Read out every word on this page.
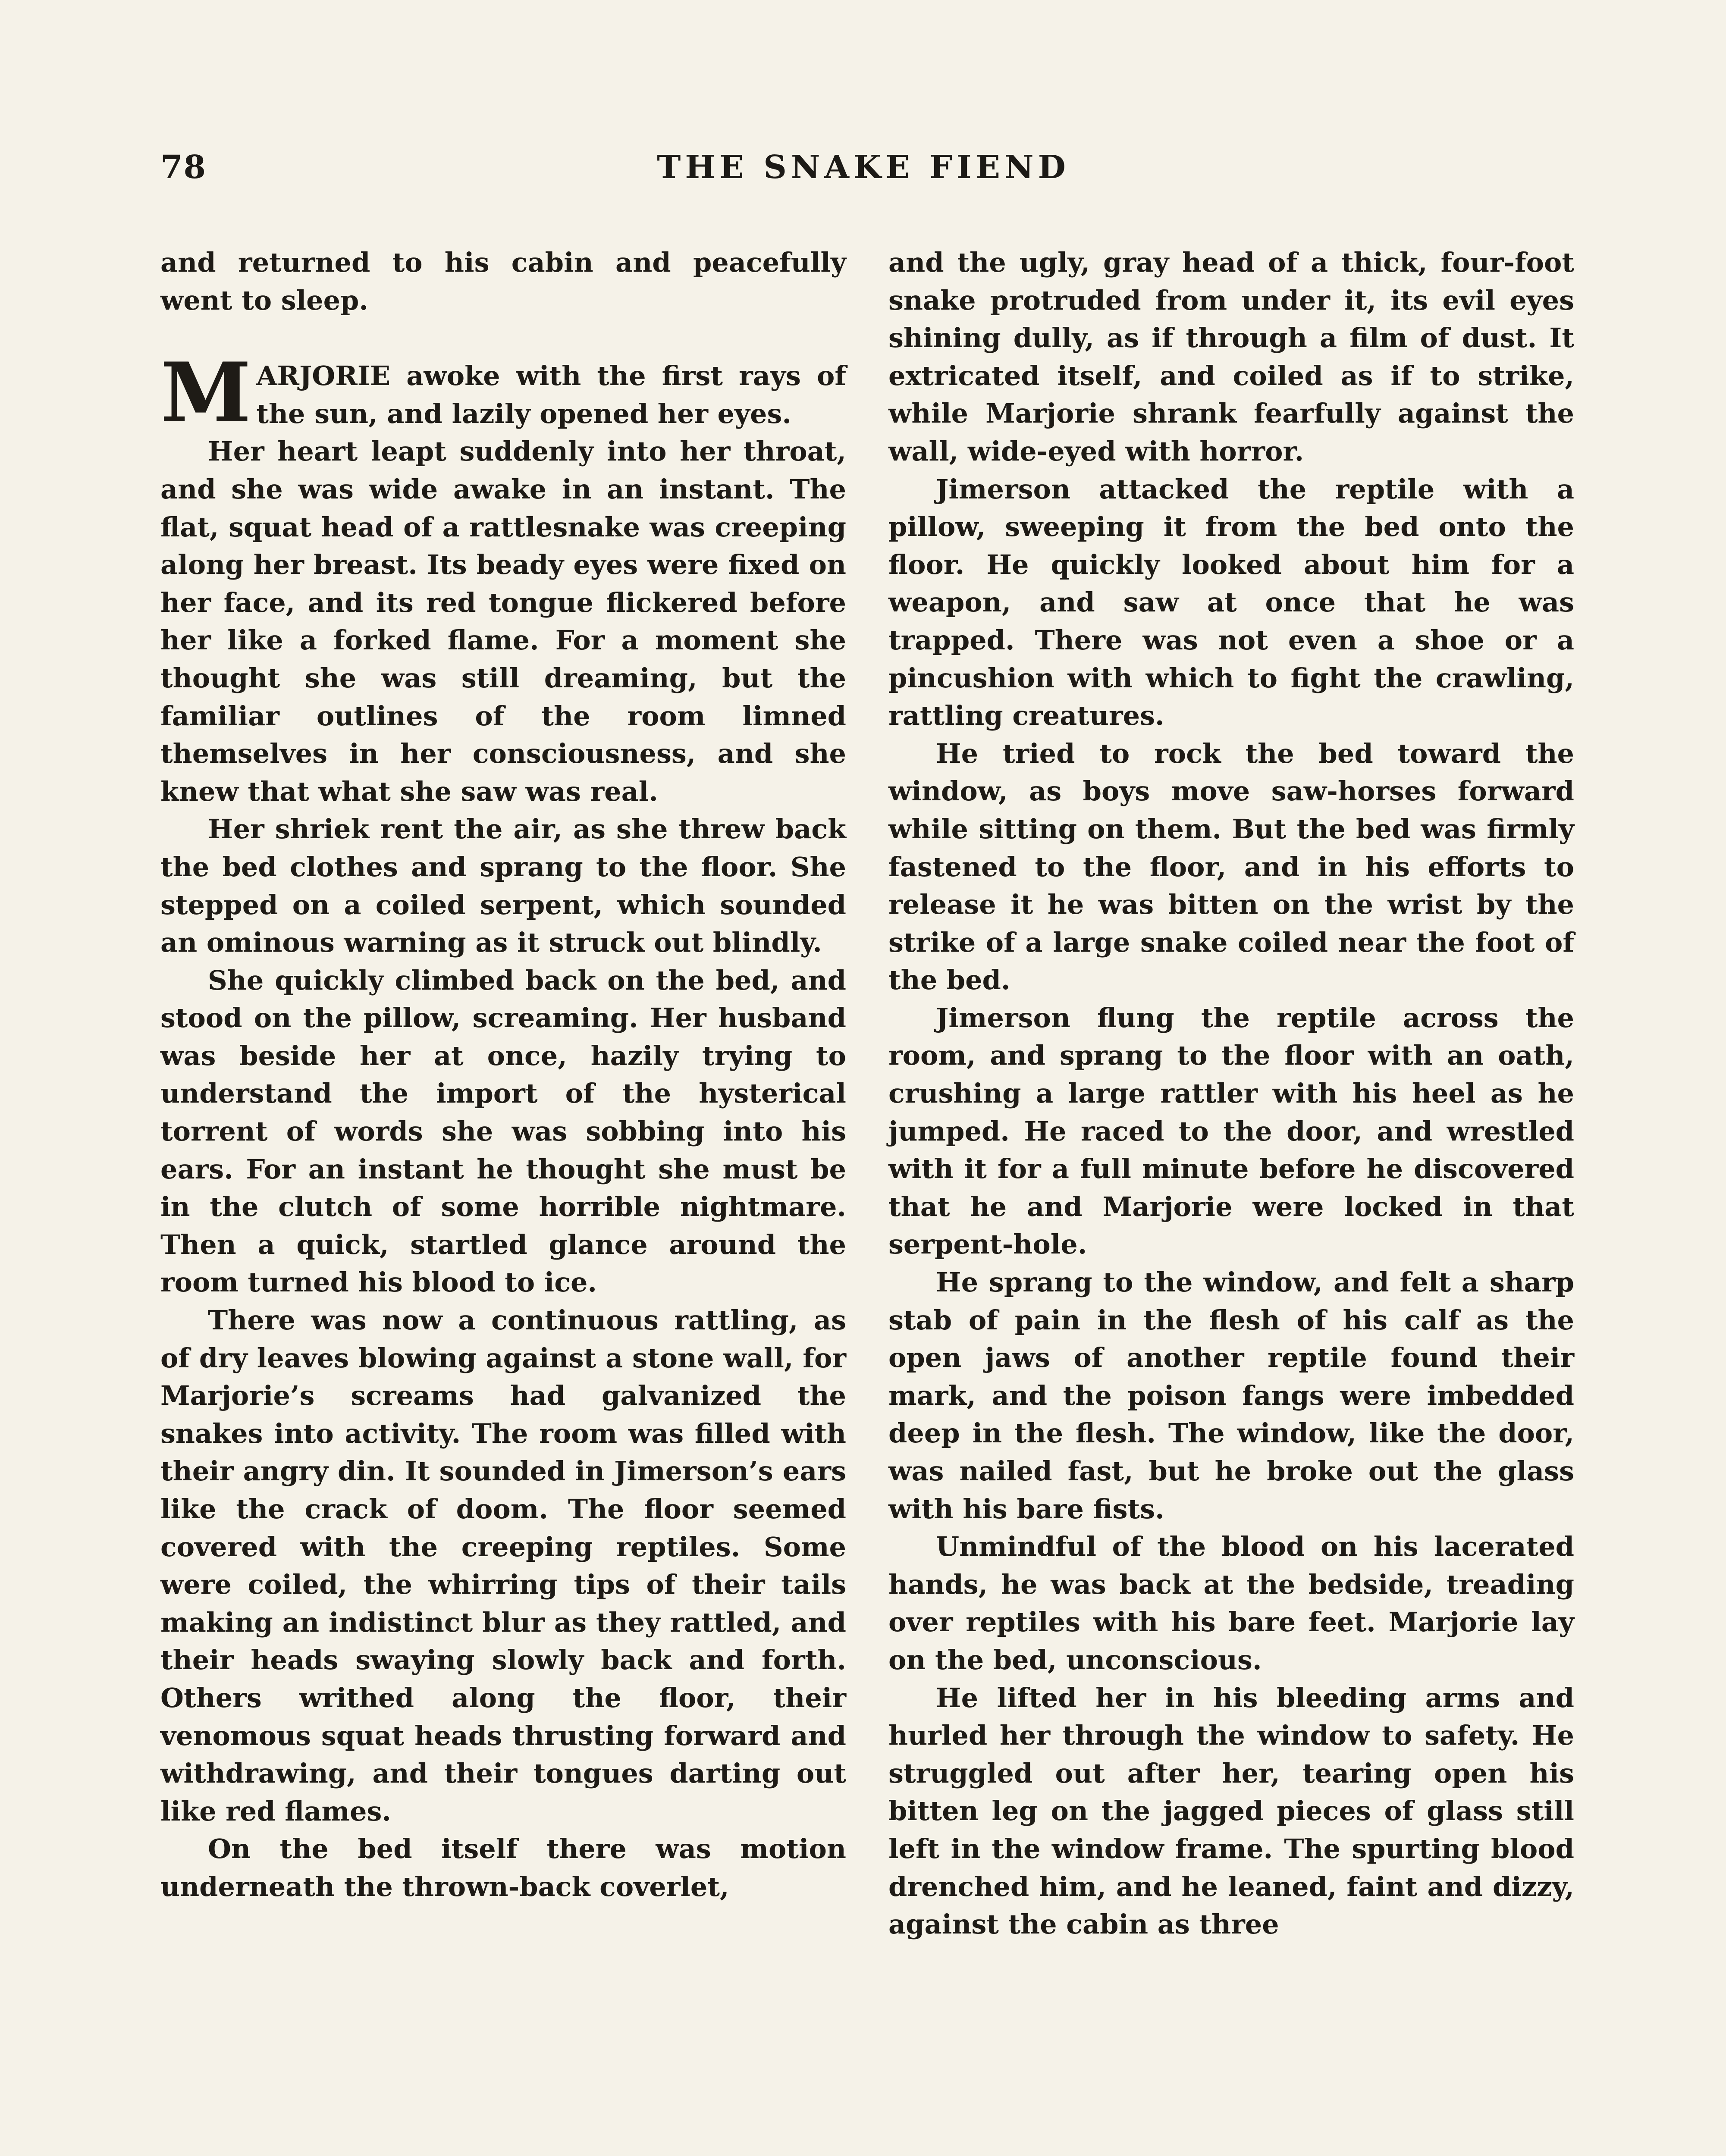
78	THE SNAKE FIEND

and returned to his cabin and peacefully went to sleep.

MARJORIE awoke with the first rays of the sun, and lazily opened her eyes.

Her heart leapt suddenly into her throat, and she was wide awake in an instant. The flat, squat head of a rattlesnake was creeping along her breast. Its beady eyes were fixed on her face, and its red tongue flickered before her like a forked flame. For a moment she thought she was still dreaming, but the familiar outlines of the room limned themselves in her consciousness, and she knew that what she saw was real.

Her shriek rent the air, as she threw back the bed clothes and sprang to the floor. She stepped on a coiled serpent, which sounded an ominous warning as it struck out blindly.

She quickly climbed back on the bed, and stood on the pillow, screaming. Her husband was beside her at once, hazily trying to understand the import of the hysterical torrent of words she was sobbing into his ears. For an instant he thought she must be in the clutch of some horrible nightmare. Then a quick, startled glance around the room turned his blood to ice.

There was now a continuous rattling, as of dry leaves blowing against a stone wall, for Marjorie’s screams had galvanized the snakes into activity. The room was filled with their angry din. It sounded in Jimerson’s ears like the crack of doom. The floor seemed covered with the creeping reptiles. Some were coiled, the whirring tips of their tails making an indistinct blur as they rattled, and their heads swaying slowly back and forth. Others writhed along the floor, their venomous squat heads thrusting forward and withdrawing, and their tongues darting out like red flames.

On the bed itself there was motion underneath the thrown-back coverlet,

and the ugly, gray head of a thick, four-foot snake protruded from under it, its evil eyes shining dully, as if through a film of dust. It extricated itself, and coiled as if to strike, while Marjorie shrank fearfully against the wall, wide-eyed with horror.

Jimerson attacked the reptile with a pillow, sweeping it from the bed onto the floor. He quickly looked about him for a weapon, and saw at once that he was trapped. There was not even a shoe or a pincushion with which to fight the crawling, rattling creatures.

He tried to rock the bed toward the window, as boys move saw-horses forward while sitting on them. But the bed was firmly fastened to the floor, and in his efforts to release it he was bitten on the wrist by the strike of a large snake coiled near the foot of the bed.

Jimerson flung the reptile across the room, and sprang to the floor with an oath, crushing a large rattler with his heel as he jumped. He raced to the door, and wrestled with it for a full minute before he discovered that he and Marjorie were locked in that serpent-hole.

He sprang to the window, and felt a sharp stab of pain in the flesh of his calf as the open jaws of another reptile found their mark, and the poison fangs were imbedded deep in the flesh. The window, like the door, was nailed fast, but he broke out the glass with his bare fists.

Unmindful of the blood on his lacerated hands, he was back at the bedside, treading over reptiles with his bare feet. Marjorie lay on the bed, unconscious.

He lifted her in his bleeding arms and hurled her through the window to safety. He struggled out after her, tearing open his bitten leg on the jagged pieces of glass still left in the window frame. The spurting blood drenched him, and he leaned, faint and dizzy, against the cabin as three
